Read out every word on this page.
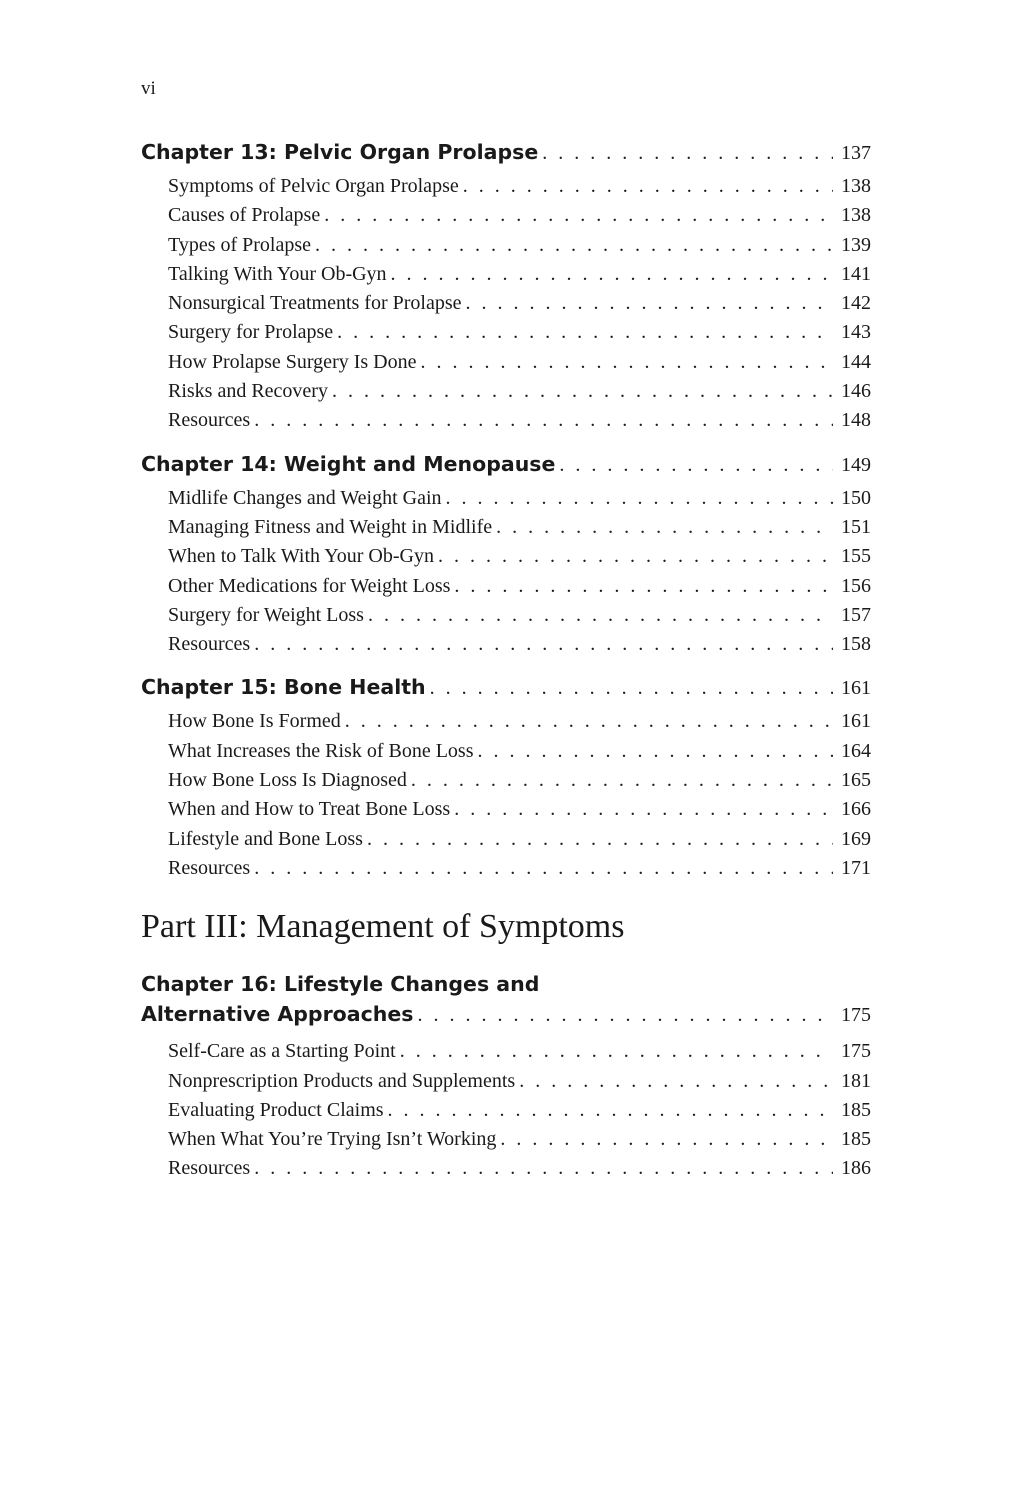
vi
Chapter 13: Pelvic Organ Prolapse . . .	137
Symptoms of Pelvic Organ Prolapse . . .	138
Causes of Prolapse . . .	138
Types of Prolapse . . .	139
Talking With Your Ob-Gyn . . .	141
Nonsurgical Treatments for Prolapse . . .	142
Surgery for Prolapse . . .	143
How Prolapse Surgery Is Done . . .	144
Risks and Recovery . . .	146
Resources . . .	148
Chapter 14: Weight and Menopause . . .	149
Midlife Changes and Weight Gain . . .	150
Managing Fitness and Weight in Midlife . . .	151
When to Talk With Your Ob-Gyn . . .	155
Other Medications for Weight Loss . . .	156
Surgery for Weight Loss . . .	157
Resources . . .	158
Chapter 15: Bone Health . . .	161
How Bone Is Formed . . .	161
What Increases the Risk of Bone Loss . . .	164
How Bone Loss Is Diagnosed . . .	165
When and How to Treat Bone Loss . . .	166
Lifestyle and Bone Loss . . .	169
Resources . . .	171
Part III: Management of Symptoms
Chapter 16: Lifestyle Changes and
Alternative Approaches . . .	175
Self-Care as a Starting Point . . .	175
Nonprescription Products and Supplements . . .	181
Evaluating Product Claims . . .	185
When What You’re Trying Isn’t Working . . .	185
Resources . . .	186
